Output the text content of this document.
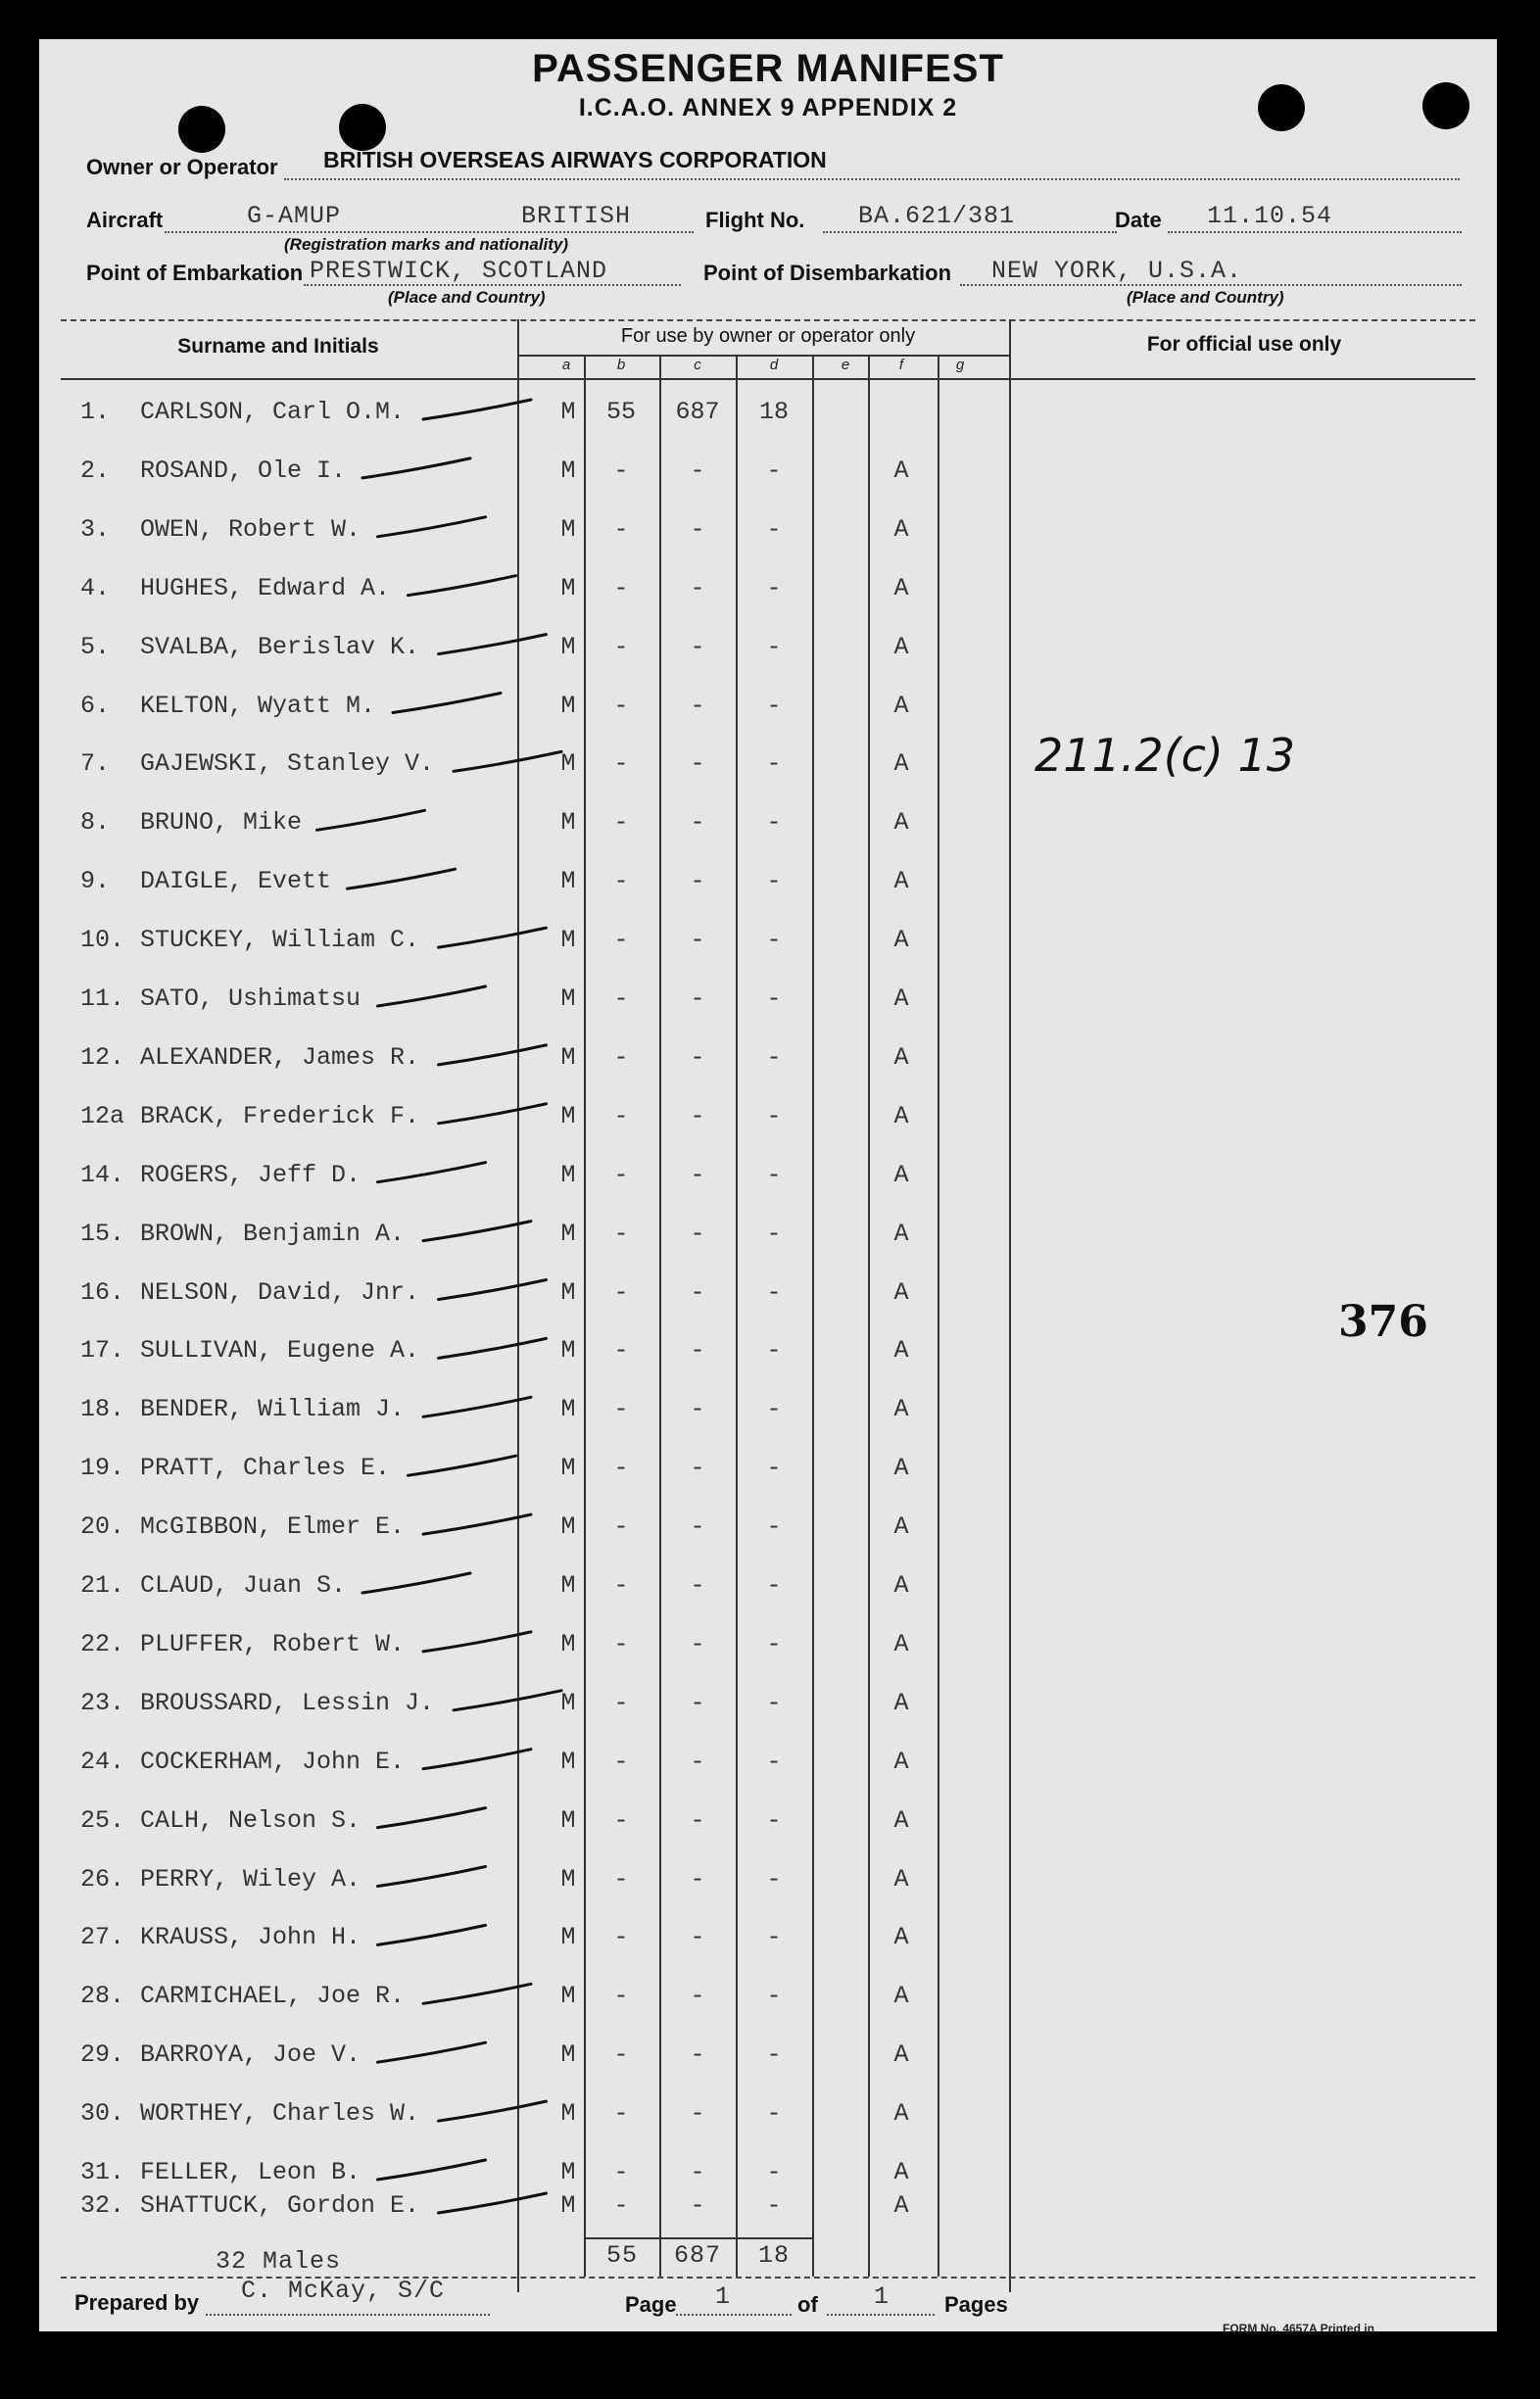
PASSENGER MANIFEST
I.C.A.O. ANNEX 9 APPENDIX 2
Owner or Operator BRITISH OVERSEAS AIRWAYS CORPORATION
Aircraft	G-AMUP	BRITISH
(Registration marks and nationality)
Flight No. BA.621/381	Date 11.10.54
Point of Embarkation PRESTWICK, SCOTLAND
(Place and Country)
Point of Disembarkation NEW YORK, U.S.A.
(Place and Country)
Surname and Initials	For use by owner or operator only	For official use only
a	b	c	d	e	f	g
1.	CARLSON, Carl O.M.	M	55	687	18
2.	ROSAND, Ole I.	M	-	-	-	A
3.	OWEN, Robert W.	M	-	-	-	A
4.	HUGHES, Edward A.	M	-	-	-	A
5.	SVALBA, Berislav K.	M	-	-	-	A
6.	KELTON, Wyatt M.	M	-	-	-	A
7.	GAJEWSKI, Stanley V.	M	-	-	-	A
8.	BRUNO, Mike	M	-	-	-	A
9.	DAIGLE, Evett	M	-	-	-	A
10. STUCKEY, William C.	M	-	-	-	A
11. SATO, Ushimatsu	M	-	-	-	A
12. ALEXANDER, James R.	M	-	-	-	A
12a BRACK, Frederick F.	M	-	-	-	A
14. ROGERS, Jeff D.	M	-	-	-	A
15. BROWN, Benjamin A.	M	-	-	-	A
16. NELSON, David, Jnr.	M	-	-	-	A
17. SULLIVAN, Eugene A.	M	-	-	-	A
18. BENDER, William J.	M	-	-	-	A
19. PRATT, Charles E.	M	-	-	-	A
20. McGIBBON, Elmer E.	M	-	-	-	A
21. CLAUD, Juan S.	M	-	-	-	A
22. PLUFFER, Robert W.	M	-	-	-	A
23. BROUSSARD, Lessin J.	M	-	-	-	A
24. COCKERHAM, John E.	M	-	-	-	A
25. CALH, Nelson S.	M	-	-	-	A
26. PERRY, Wiley A.	M	-	-	-	A
27. KRAUSS, John H.	M	-	-	-	A
28. CARMICHAEL, Joe R.	M	-	-	-	A
29. BARROYA, Joe V.	M	-	-	-	A
30. WORTHEY, Charles W.	M	-	-	-	A
31. FELLER, Leon B.	M	-	-	-	A
32. SHATTUCK, Gordon E.	M	-	-	-	A
32 Males	55	687	18
211.2(c) 13
376
Prepared by C. McKay, S/C	Page 1	of 1	Pages
FORM No. 4657A Printed in
